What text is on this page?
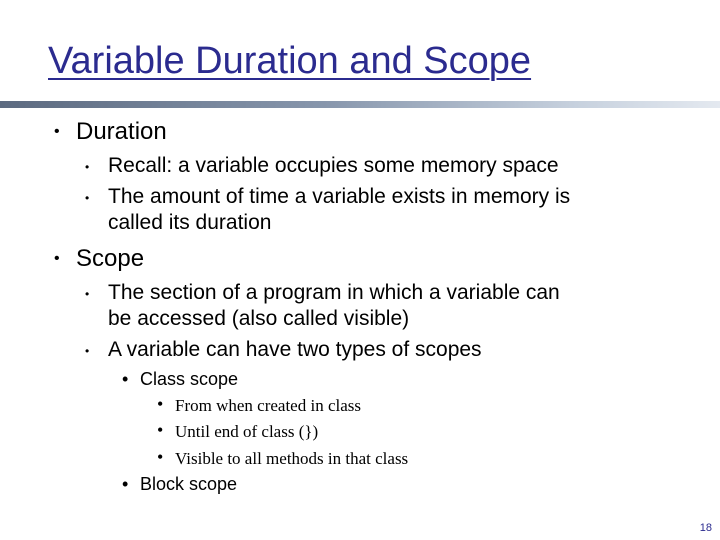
Variable Duration and Scope
• Duration
• Recall: a variable occupies some memory space
• The amount of time a variable exists in memory is
called its duration
• Scope
• The section of a program in which a variable can
be accessed (also called visible)
• A variable can have two types of scopes
• Class scope
• From when created in class
• Until end of class (})
• Visible to all methods in that class
• Block scope
18
